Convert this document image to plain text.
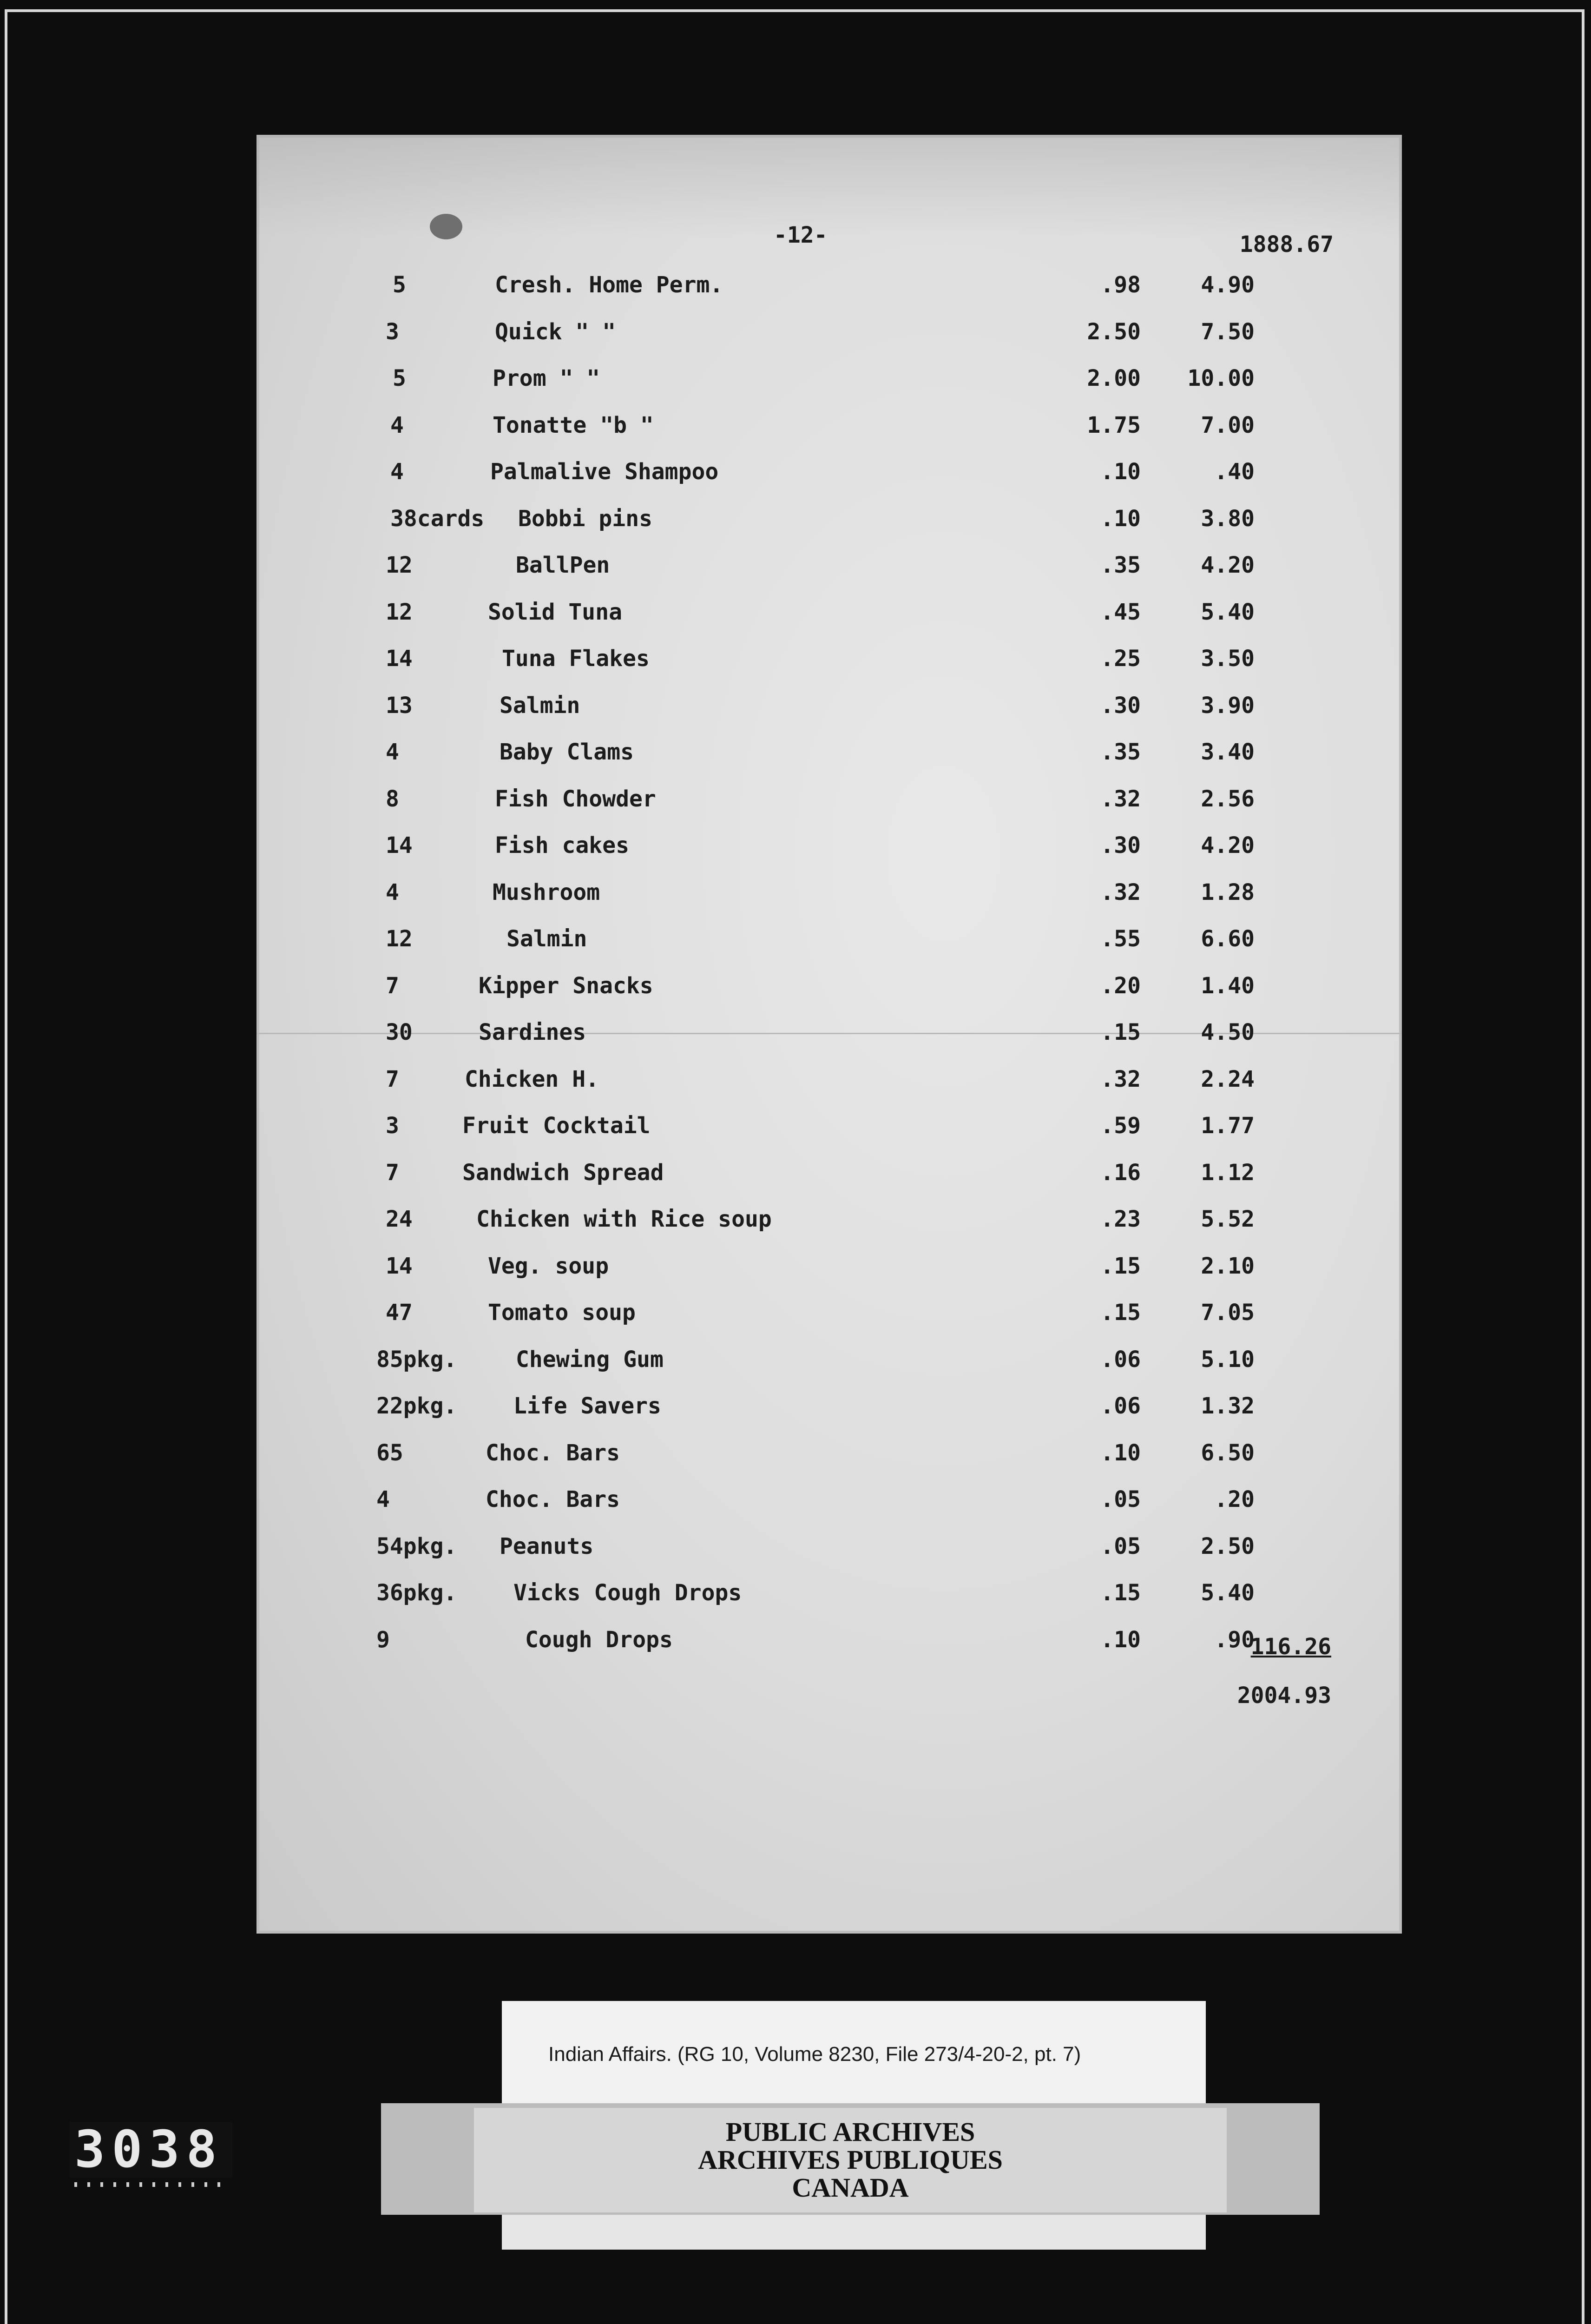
-12-	1888.67
5	Cresh. Home Perm.	.98	4.90
3	Quick " "	2.50	7.50
5	Prom " "	2.00	10.00
4	Tonatte "b "	1.75	7.00
4	Palmalive Shampoo	.10	.40
38cards Bobbi pins	.10	3.80
12	BallPen	.35	4.20
12	Solid Tuna	.45	5.40
14	Tuna Flakes	.25	3.50
13	Salmin	.30	3.90
4	Baby Clams	.35	3.40
8	Fish Chowder	.32	2.56
14	Fish cakes	.30	4.20
4	Mushroom	.32	1.28
12	Salmin	.55	6.60
7	Kipper Snacks	.20	1.40
30	Sardines	.15	4.50
7	Chicken H.	.32	2.24
3	Fruit Cocktail	.59	1.77
7	Sandwich Spread	.16	1.12
24	Chicken with Rice soup	.23	5.52
14	Veg. soup	.15	2.10
47	Tomato soup	.15	7.05
85pkg.	Chewing Gum	.06	5.10
22pkg.	Life Savers	.06	1.32
65	Choc. Bars	.10	6.50
4	Choc. Bars	.05	.20
54pkg. Peanuts	.05	2.50
36pkg.	Vicks Cough Drops	.15	5.40
9	Cough Drops	.10	.90
116.26
2004.93
Indian Affairs. (RG 10, Volume 8230, File 273/4-20-2, pt. 7)
PUBLIC ARCHIVES
ARCHIVES PUBLIQUES
CANADA
3038
